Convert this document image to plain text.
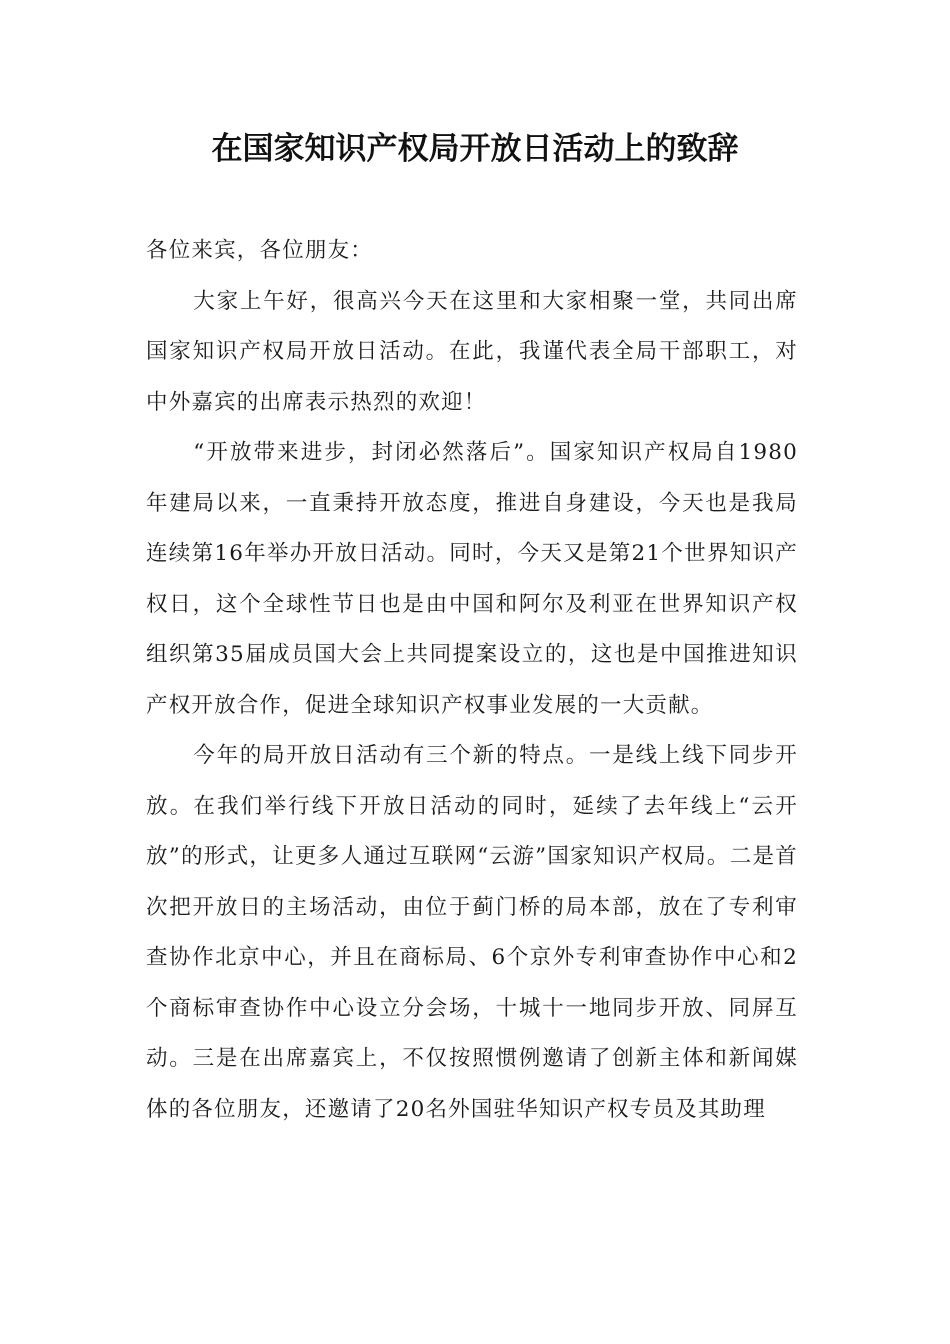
在国家知识产权局开放日活动上的致辞

各位来宾，各位朋友：

大家上午好，很高兴今天在这里和大家相聚一堂，共同出席国家知识产权局开放日活动。在此，我谨代表全局干部职工，对中外嘉宾的出席表示热烈的欢迎！

“开放带来进步，封闭必然落后”。国家知识产权局自1980年建局以来，一直秉持开放态度，推进自身建设，今天也是我局连续第16年举办开放日活动。同时，今天又是第21个世界知识产权日，这个全球性节日也是由中国和阿尔及利亚在世界知识产权组织第35届成员国大会上共同提案设立的，这也是中国推进知识产权开放合作，促进全球知识产权事业发展的一大贡献。

今年的局开放日活动有三个新的特点。一是线上线下同步开放。在我们举行线下开放日活动的同时，延续了去年线上“云开放”的形式，让更多人通过互联网“云游”国家知识产权局。二是首次把开放日的主场活动，由位于蓟门桥的局本部，放在了专利审查协作北京中心，并且在商标局、6个京外专利审查协作中心和2个商标审查协作中心设立分会场，十城十一地同步开放、同屏互动。三是在出席嘉宾上，不仅按照惯例邀请了创新主体和新闻媒体的各位朋友，还邀请了20名外国驻华知识产权专员及其助理
